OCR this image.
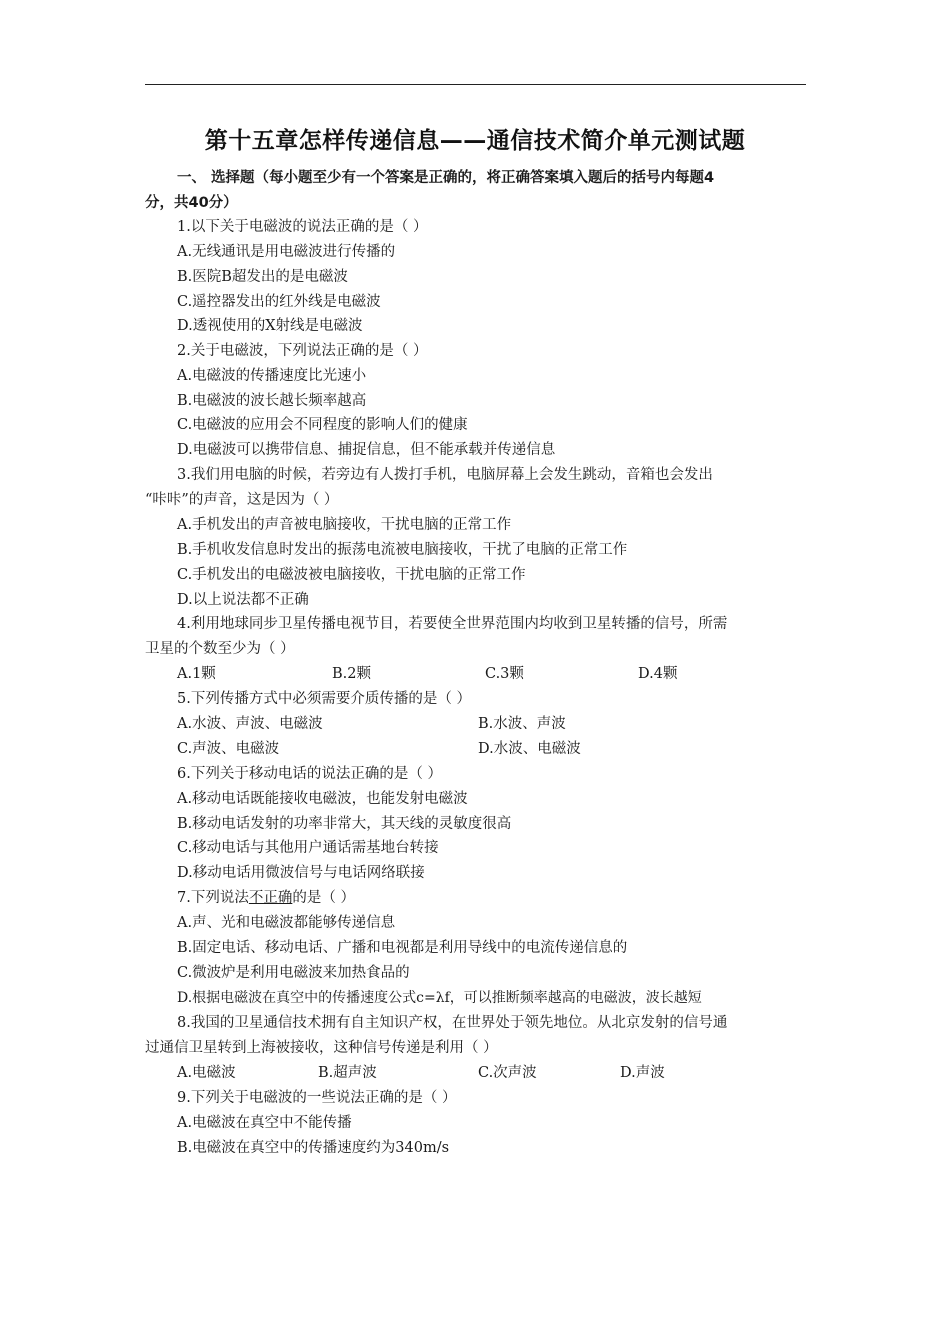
第十五章怎样传递信息——通信技术简介单元测试题
一、 选择题（每小题至少有一个答案是正确的，将正确答案填入题后的括号内每题4
分，共40分）
1.以下关于电磁波的说法正确的是（ ）
A.无线通讯是用电磁波进行传播的
B.医院B超发出的是电磁波
C.遥控器发出的红外线是电磁波
D.透视使用的X射线是电磁波
2.关于电磁波，下列说法正确的是（ ）
A.电磁波的传播速度比光速小
B.电磁波的波长越长频率越高
C.电磁波的应用会不同程度的影响人们的健康
D.电磁波可以携带信息、捕捉信息，但不能承载并传递信息
3.我们用电脑的时候，若旁边有人拨打手机，电脑屏幕上会发生跳动，音箱也会发出
“咔咔”的声音，这是因为（ ）
A.手机发出的声音被电脑接收，干扰电脑的正常工作
B.手机收发信息时发出的振荡电流被电脑接收，干扰了电脑的正常工作
C.手机发出的电磁波被电脑接收，干扰电脑的正常工作
D.以上说法都不正确
4.利用地球同步卫星传播电视节目，若要使全世界范围内均收到卫星转播的信号，所需
卫星的个数至少为（ ）
A.1颗	B.2颗	C.3颗	D.4颗
5.下列传播方式中必须需要介质传播的是（ ）
A.水波、声波、电磁波	B.水波、声波
C.声波、电磁波	D.水波、电磁波
6.下列关于移动电话的说法正确的是（ ）
A.移动电话既能接收电磁波，也能发射电磁波
B.移动电话发射的功率非常大，其天线的灵敏度很高
C.移动电话与其他用户通话需基地台转接
D.移动电话用微波信号与电话网络联接
7.下列说法不正确的是（ ）
A.声、光和电磁波都能够传递信息
B.固定电话、移动电话、广播和电视都是利用导线中的电流传递信息的
C.微波炉是利用电磁波来加热食品的
D.根据电磁波在真空中的传播速度公式c=λf，可以推断频率越高的电磁波，波长越短
8.我国的卫星通信技术拥有自主知识产权，在世界处于领先地位。从北京发射的信号通
过通信卫星转到上海被接收，这种信号传递是利用（ ）
A.电磁波	B.超声波	C.次声波	D.声波
9.下列关于电磁波的一些说法正确的是（ ）
A.电磁波在真空中不能传播
B.电磁波在真空中的传播速度约为340m/s
